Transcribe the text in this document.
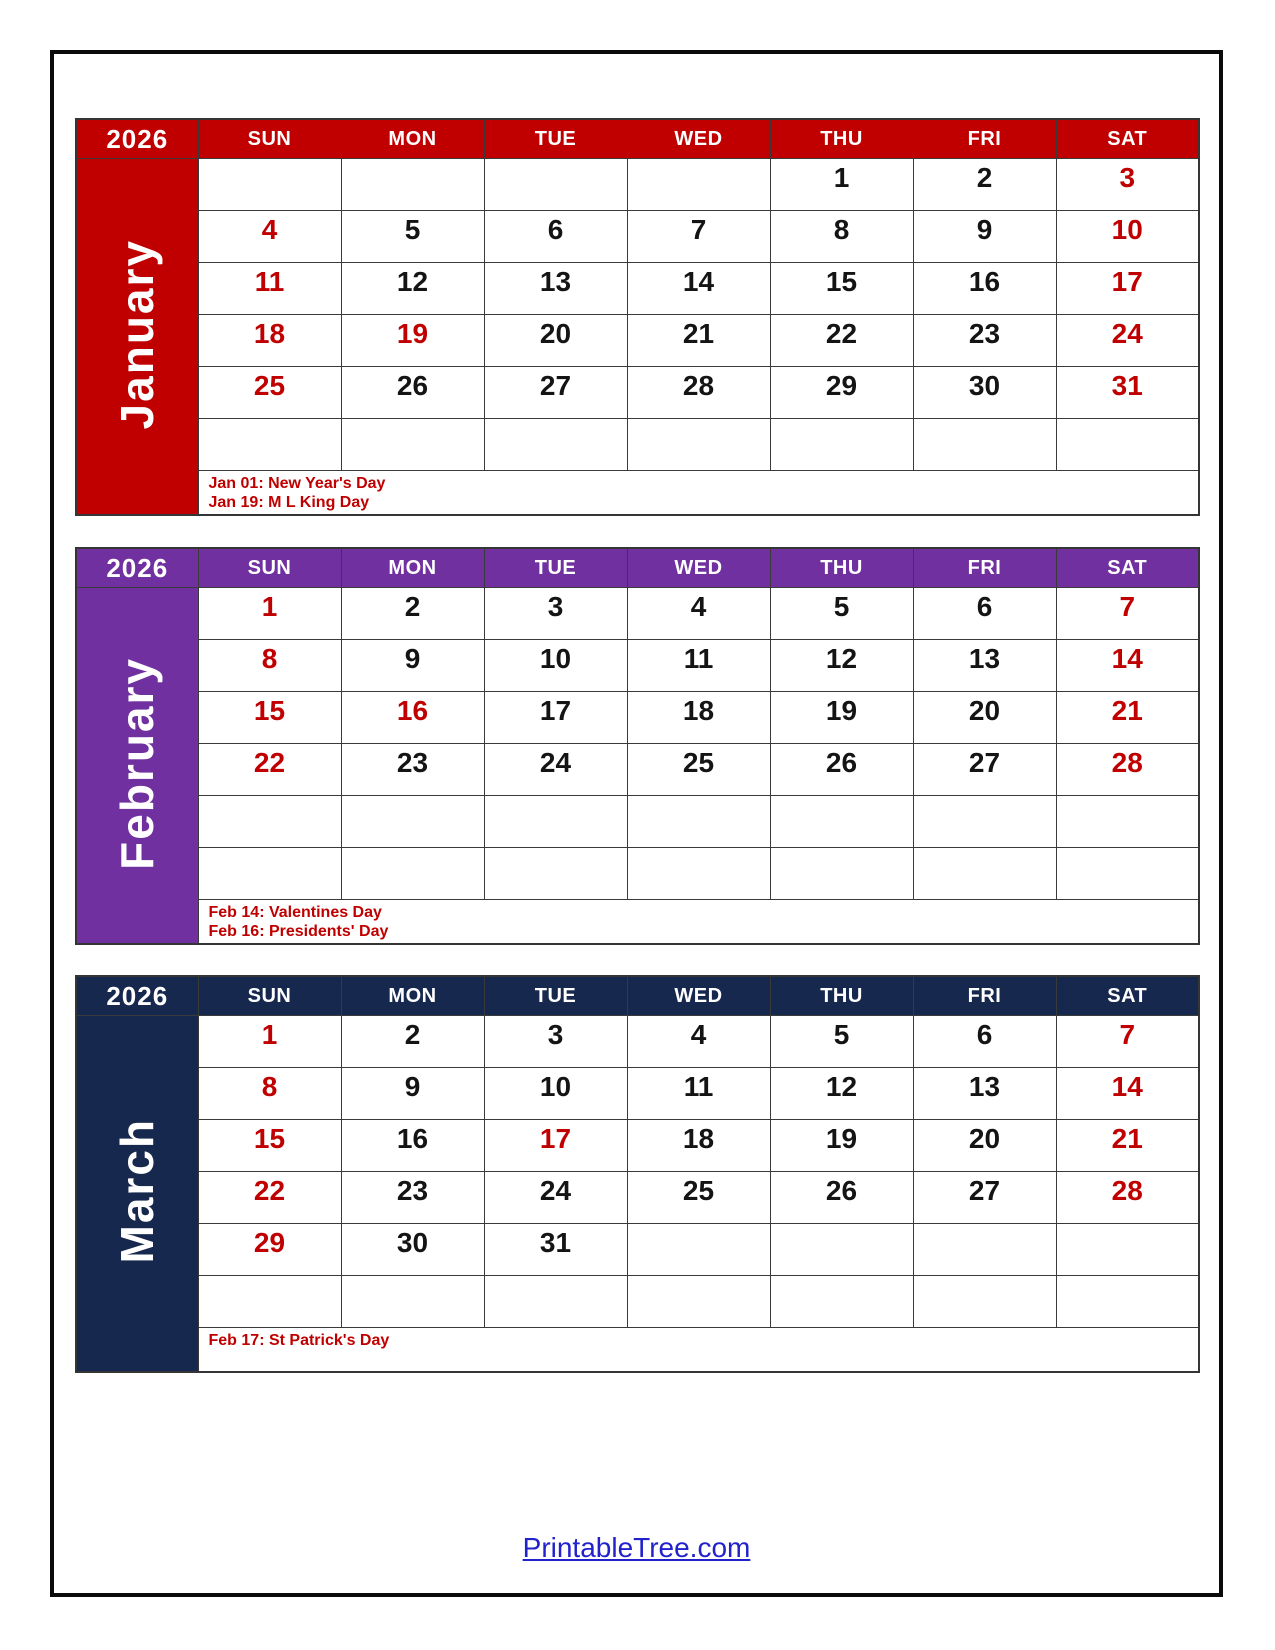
2026	SUN	MON	TUE	WED	THU	FRI	SAT
January					1	2	3
	4	5	6	7	8	9	10
	11	12	13	14	15	16	17
	18	19	20	21	22	23	24
	25	26	27	28	29	30	31

	Jan 01: New Year's Day
Jan 19: M L King Day						
2026	SUN	MON	TUE	WED	THU	FRI	SAT
February	1	2	3	4	5	6	7
	8	9	10	11	12	13	14
	15	16	17	18	19	20	21
	22	23	24	25	26	27	28

	Feb 14: Valentines Day
Feb 16: Presidents' Day						
2026	SUN	MON	TUE	WED	THU	FRI	SAT
March	1	2	3	4	5	6	7
	8	9	10	11	12	13	14
	15	16	17	18	19	20	21
	22	23	24	25	26	27	28
	29	30	31				

	Feb 17: St Patrick's Day						
PrintableTree.com
